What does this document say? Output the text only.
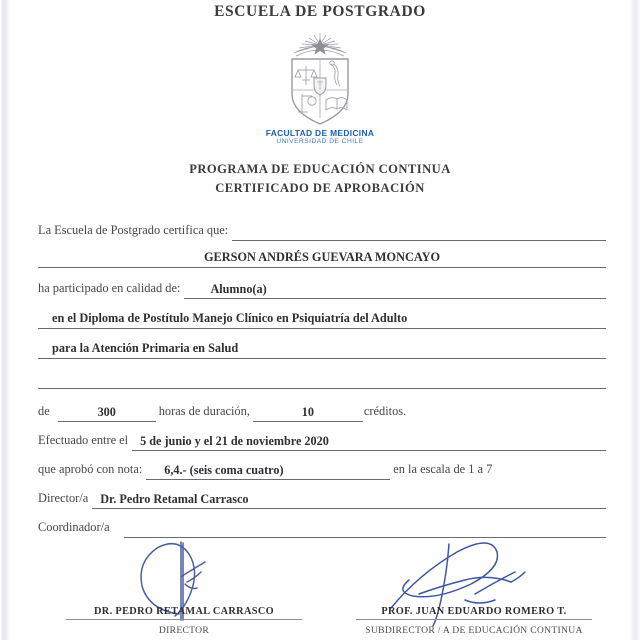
ESCUELA DE POSTGRADO
FACULTAD DE MEDICINA
UNIVERSIDAD DE CHILE
PROGRAMA DE EDUCACIÓN CONTINUA
CERTIFICADO DE APROBACIÓN
La Escuela de Postgrado certifica que:
GERSON ANDRÉS GUEVARA MONCAYO
ha participado en calidad de: Alumno(a)
en el Diploma de Postítulo Manejo Clínico en Psiquiatría del Adulto
para la Atención Primaria en Salud
de	300	horas de duración,	10	créditos.
Efectuado entre el 5 de junio y el 21 de noviembre 2020
que aprobó con nota: 6,4.- (seis coma cuatro)	en la escala de 1 a 7
Director/a Dr. Pedro Retamal Carrasco
Coordinador/a
DR. PEDRO RETAMAL CARRASCO
DIRECTOR
PROF. JUAN EDUARDO ROMERO T.
SUBDIRECTOR / A DE EDUCACIÓN CONTINUA
